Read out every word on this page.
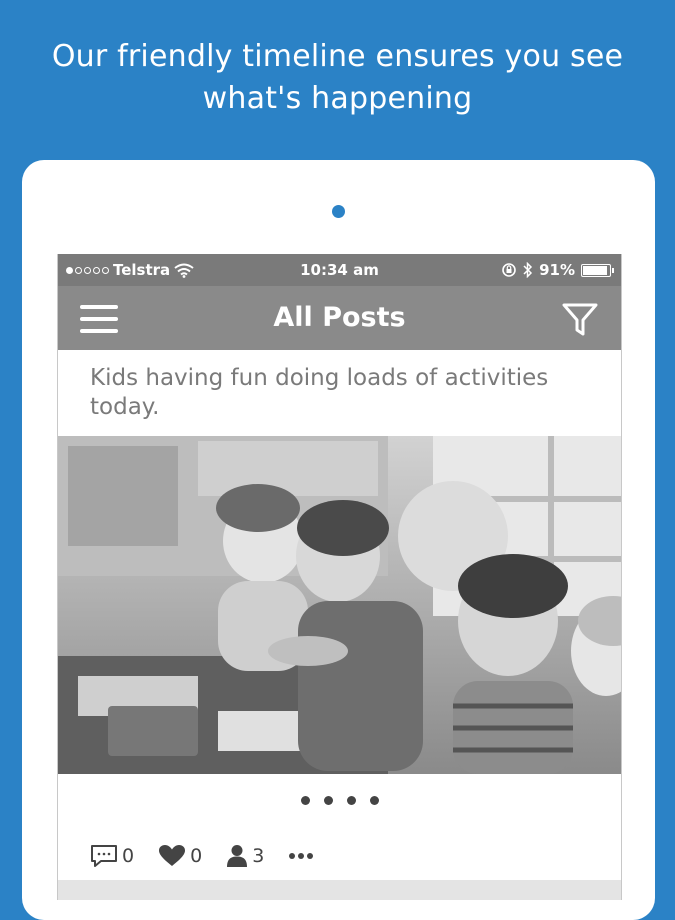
Our friendly timeline ensures you see
what's happening
Telstra	10:34 am	91%
All Posts
Kids having fun doing loads of activities today.
0	0	3
